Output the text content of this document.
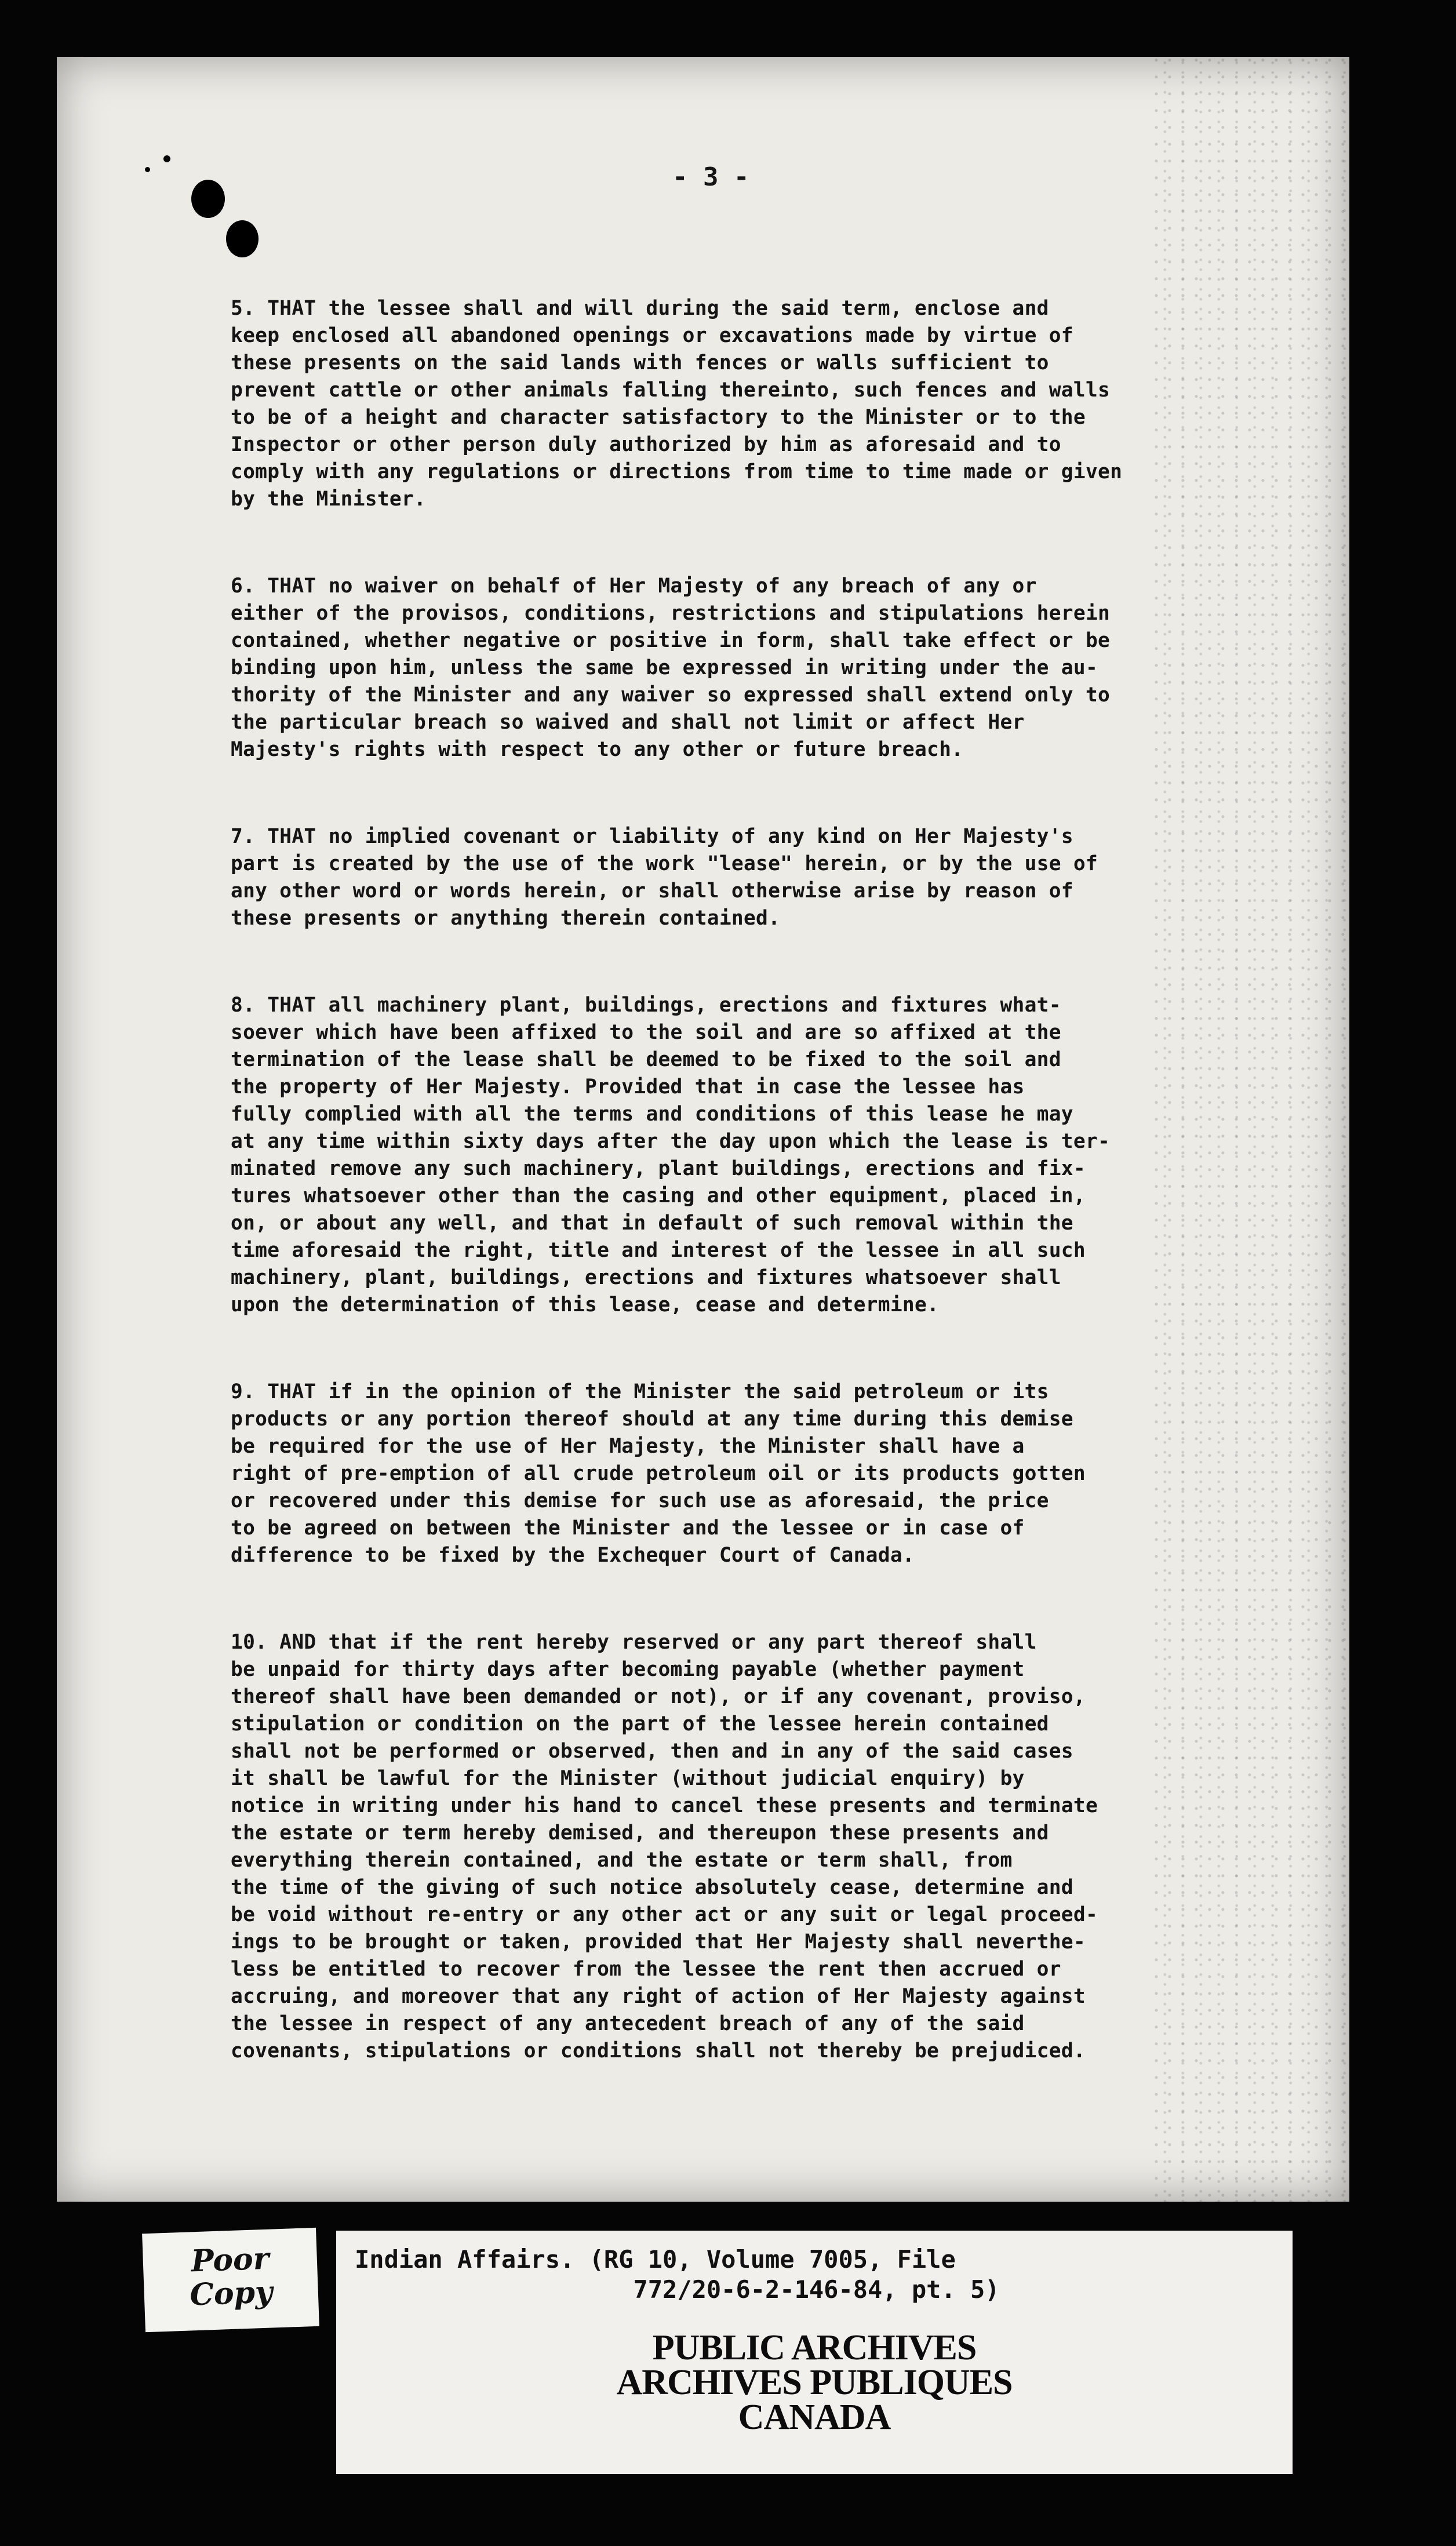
- 3 -

5. THAT the lessee shall and will during the said term, enclose and
keep enclosed all abandoned openings or excavations made by virtue of
these presents on the said lands with fences or walls sufficient to
prevent cattle or other animals falling thereinto, such fences and walls
to be of a height and character satisfactory to the Minister or to the
Inspector or other person duly authorized by him as aforesaid and to
comply with any regulations or directions from time to time made or given
by the Minister.

6. THAT no waiver on behalf of Her Majesty of any breach of any or
either of the provisos, conditions, restrictions and stipulations herein
contained, whether negative or positive in form, shall take effect or be
binding upon him, unless the same be expressed in writing under the au-
thority of the Minister and any waiver so expressed shall extend only to
the particular breach so waived and shall not limit or affect Her
Majesty's rights with respect to any other or future breach.

7. THAT no implied covenant or liability of any kind on Her Majesty's
part is created by the use of the work "lease" herein, or by the use of
any other word or words herein, or shall otherwise arise by reason of
these presents or anything therein contained.

8. THAT all machinery plant, buildings, erections and fixtures what-
soever which have been affixed to the soil and are so affixed at the
termination of the lease shall be deemed to be fixed to the soil and
the property of Her Majesty. Provided that in case the lessee has
fully complied with all the terms and conditions of this lease he may
at any time within sixty days after the day upon which the lease is ter-
minated remove any such machinery, plant buildings, erections and fix-
tures whatsoever other than the casing and other equipment, placed in,
on, or about any well, and that in default of such removal within the
time aforesaid the right, title and interest of the lessee in all such
machinery, plant, buildings, erections and fixtures whatsoever shall
upon the determination of this lease, cease and determine.

9. THAT if in the opinion of the Minister the said petroleum or its
products or any portion thereof should at any time during this demise
be required for the use of Her Majesty, the Minister shall have a
right of pre-emption of all crude petroleum oil or its products gotten
or recovered under this demise for such use as aforesaid, the price
to be agreed on between the Minister and the lessee or in case of
difference to be fixed by the Exchequer Court of Canada.

10. AND that if the rent hereby reserved or any part thereof shall
be unpaid for thirty days after becoming payable (whether payment
thereof shall have been demanded or not), or if any covenant, proviso,
stipulation or condition on the part of the lessee herein contained
shall not be performed or observed, then and in any of the said cases
it shall be lawful for the Minister (without judicial enquiry) by
notice in writing under his hand to cancel these presents and terminate
the estate or term hereby demised, and thereupon these presents and
everything therein contained, and the estate or term shall, from
the time of the giving of such notice absolutely cease, determine and
be void without re-entry or any other act or any suit or legal proceed-
ings to be brought or taken, provided that Her Majesty shall neverthe-
less be entitled to recover from the lessee the rent then accrued or
accruing, and moreover that any right of action of Her Majesty against
the lessee in respect of any antecedent breach of any of the said
covenants, stipulations or conditions shall not thereby be prejudiced.

Poor
Copy
Indian Affairs. (RG 10, Volume 7005, File
772/20-6-2-146-84, pt. 5)
PUBLIC ARCHIVES
ARCHIVES PUBLIQUES
CANADA
